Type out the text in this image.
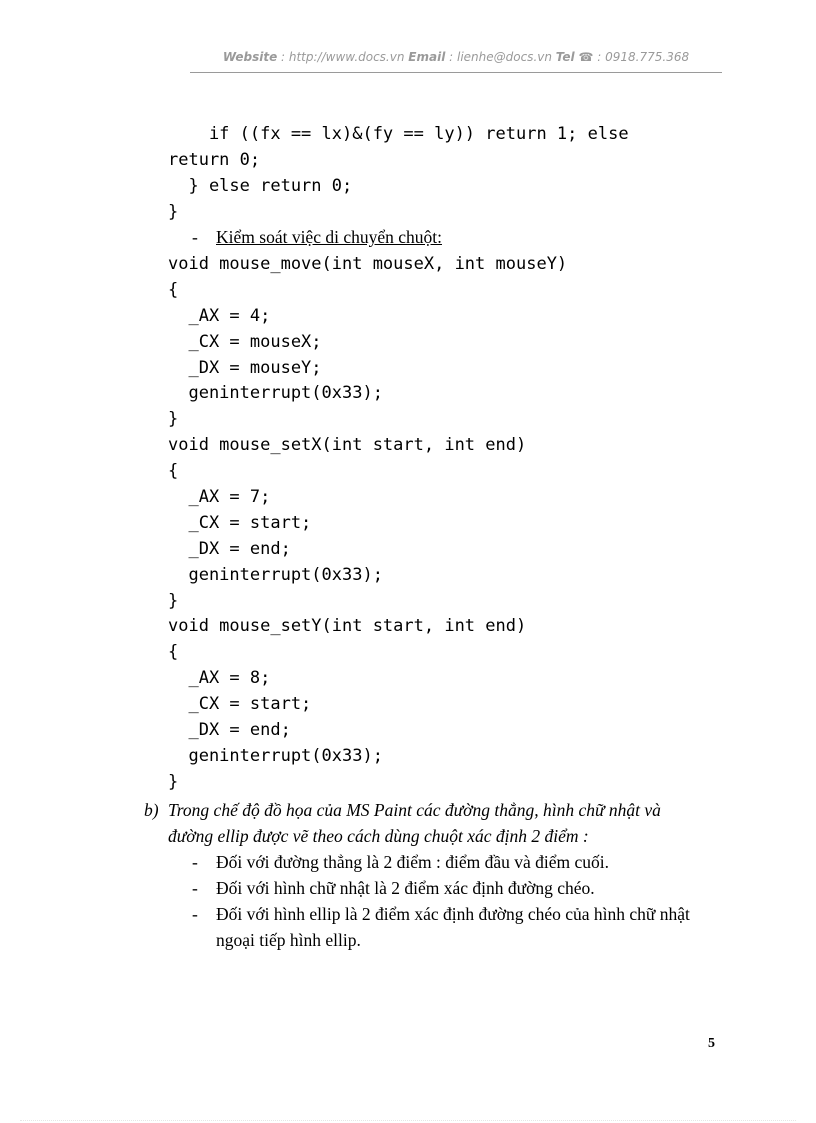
Website : http://www.docs.vn Email : lienhe@docs.vn Tel ☎ : 0918.775.368
if ((fx == lx)&(fy == ly)) return 1; else
return 0;
} else return 0;
}
- Kiểm soát việc di chuyển chuột:
void mouse_move(int mouseX, int mouseY)
{
_AX = 4;
_CX = mouseX;
_DX = mouseY;
geninterrupt(0x33);
}
void mouse_setX(int start, int end)
{
_AX = 7;
_CX = start;
_DX = end;
geninterrupt(0x33);
}
void mouse_setY(int start, int end)
{
_AX = 8;
_CX = start;
_DX = end;
geninterrupt(0x33);
}
b) Trong chế độ đồ họa của MS Paint các đường thẳng, hình chữ nhật và
đường ellip được vẽ theo cách dùng chuột xác định 2 điểm :
-	Đối với đường thẳng là 2 điểm : điểm đầu và điểm cuối.
-	Đối với hình chữ nhật là 2 điểm xác định đường chéo.
-	Đối với hình ellip là 2 điểm xác định đường chéo của hình chữ nhật ngoại tiếp hình ellip.
5
